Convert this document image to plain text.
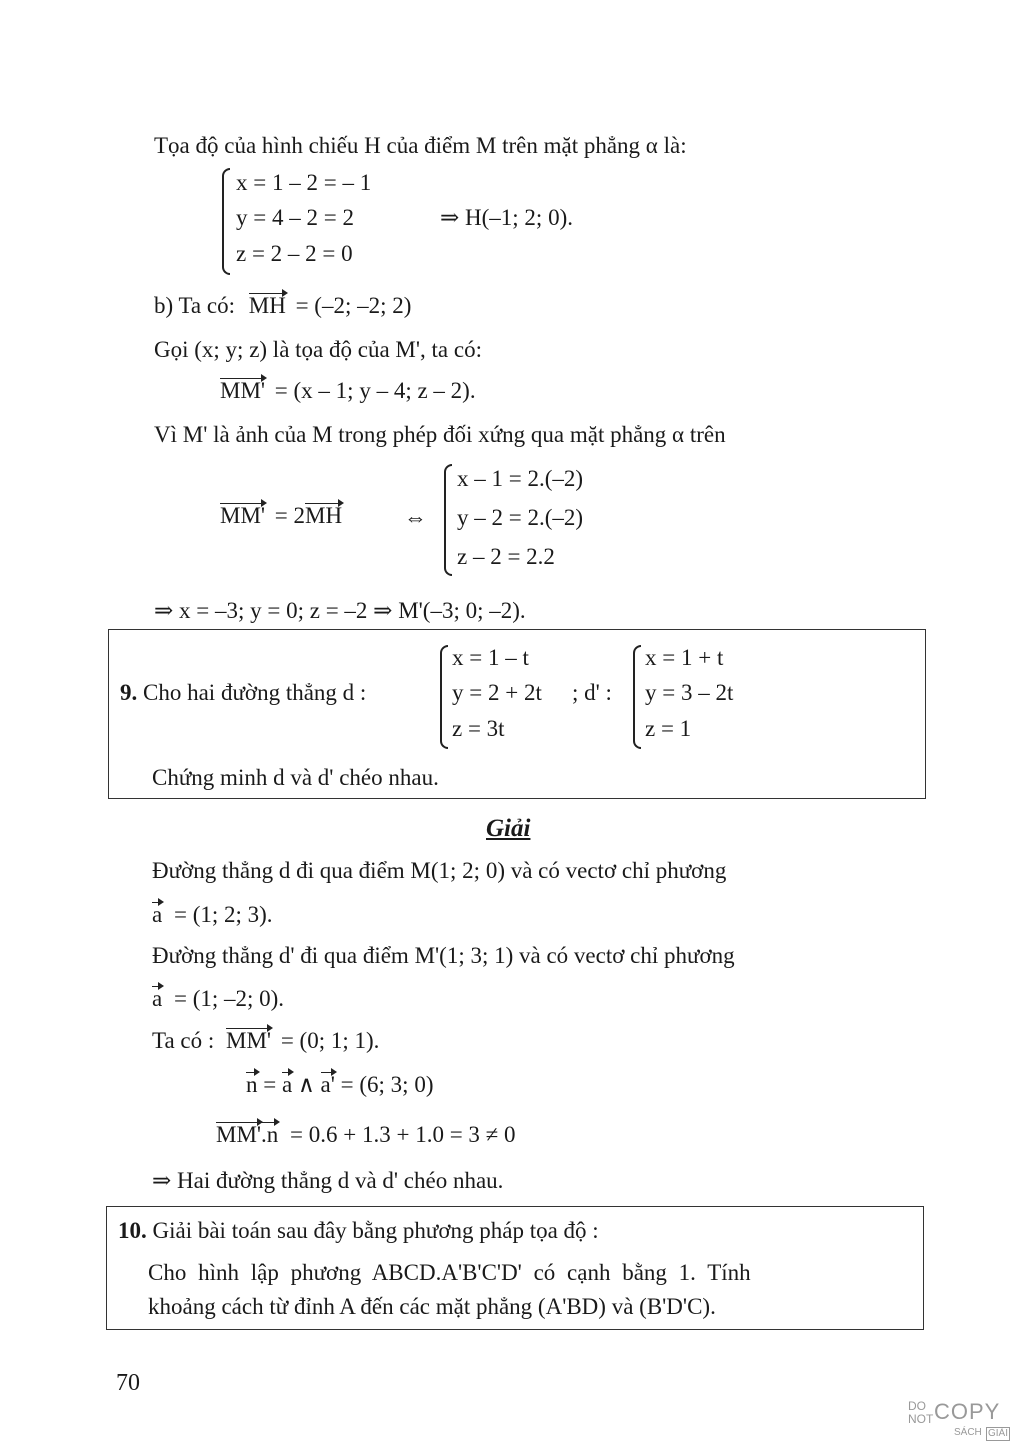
Tọa độ của hình chiếu H của điểm M trên mặt phẳng α là:
x = 1 – 2 = – 1
y = 4 – 2 = 2
z = 2 – 2 = 0
⇒ H(–1; 2; 0).
b) Ta có: MH = (–2; –2; 2)
Gọi (x; y; z) là tọa độ của M', ta có:
MM' = (x – 1; y – 4; z – 2).
Vì M' là ảnh của M trong phép đối xứng qua mặt phẳng α trên
MM' = 2MH	⇔
x – 1 = 2.(–2)
y – 2 = 2.(–2)
z – 2 = 2.2
⇒ x = –3; y = 0; z = –2 ⇒ M'(–3; 0; –2).
9. Cho hai đường thẳng d :
x = 1 – t
y = 2 + 2t
z = 3t
; d' :
x = 1 + t
y = 3 – 2t
z = 1
Chứng minh d và d' chéo nhau.
Giải
Đường thẳng d đi qua điểm M(1; 2; 0) và có vectơ chỉ phương
a = (1; 2; 3).
Đường thẳng d' đi qua điểm M'(1; 3; 1) và có vectơ chỉ phương
a = (1; –2; 0).
Ta có : MM' = (0; 1; 1).
n = a ∧ a' = (6; 3; 0)
MM'.n = 0.6 + 1.3 + 1.0 = 3 ≠ 0
⇒ Hai đường thẳng d và d' chéo nhau.
10. Giải bài toán sau đây bằng phương pháp tọa độ :
Cho hình lập phương ABCD.A'B'C'D' có cạnh bằng 1. Tính
khoảng cách từ đỉnh A đến các mặt phẳng (A'BD) và (B'D'C).
70
DO
NOT COPY
SÁCH GIẢI
